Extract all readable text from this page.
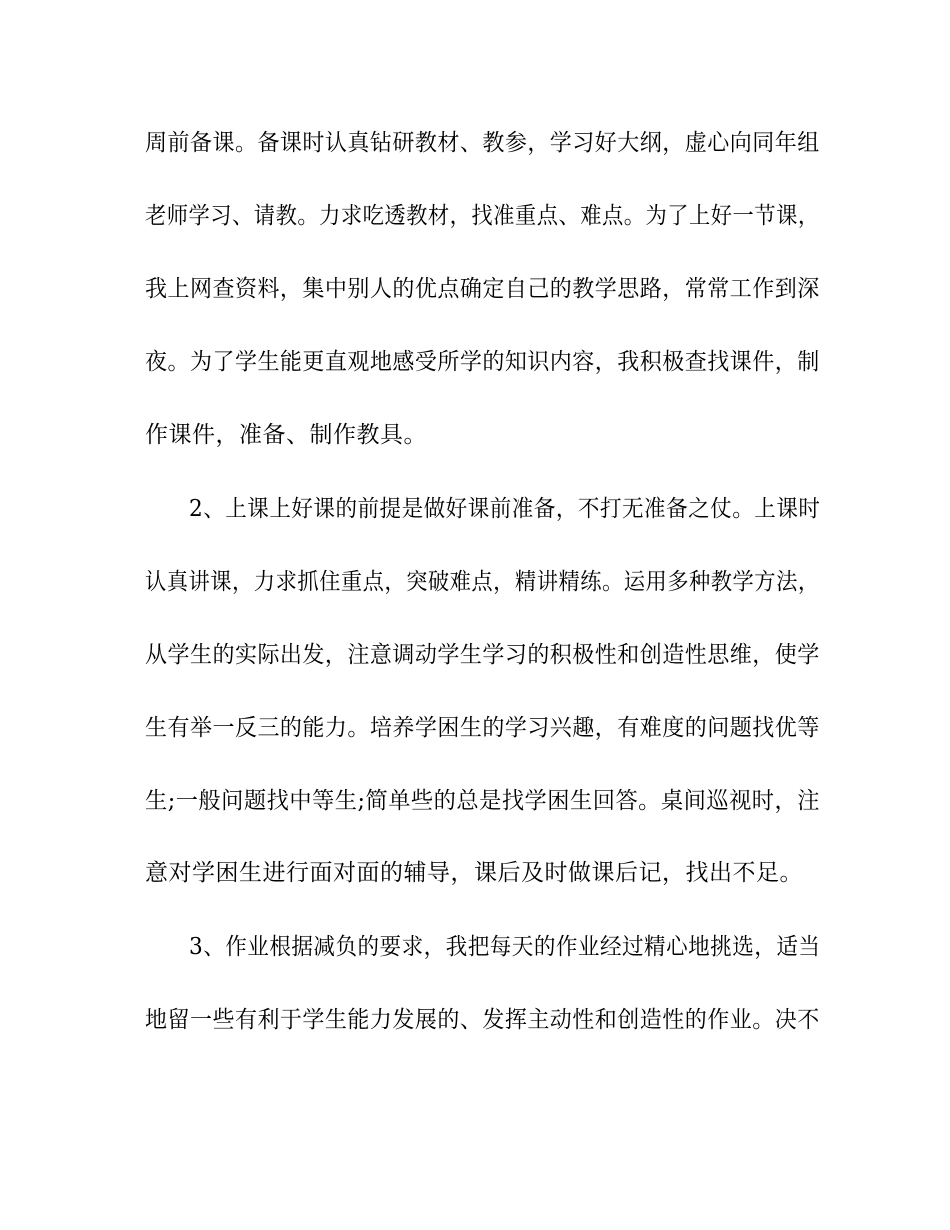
周前备课。备课时认真钻研教材、教参，学习好大纲，虚心向同年组
老师学习、请教。力求吃透教材，找准重点、难点。为了上好一节课，
我上网查资料，集中别人的优点确定自己的教学思路，常常工作到深
夜。为了学生能更直观地感受所学的知识内容，我积极查找课件，制
作课件，准备、制作教具。
2、上课上好课的前提是做好课前准备，不打无准备之仗。上课时
认真讲课，力求抓住重点，突破难点，精讲精练。运用多种教学方法，
从学生的实际出发，注意调动学生学习的积极性和创造性思维，使学
生有举一反三的能力。培养学困生的学习兴趣，有难度的问题找优等
生;一般问题找中等生;简单些的总是找学困生回答。桌间巡视时，注
意对学困生进行面对面的辅导，课后及时做课后记，找出不足。
3、作业根据减负的要求，我把每天的作业经过精心地挑选，适当
地留一些有利于学生能力发展的、发挥主动性和创造性的作业。决不
